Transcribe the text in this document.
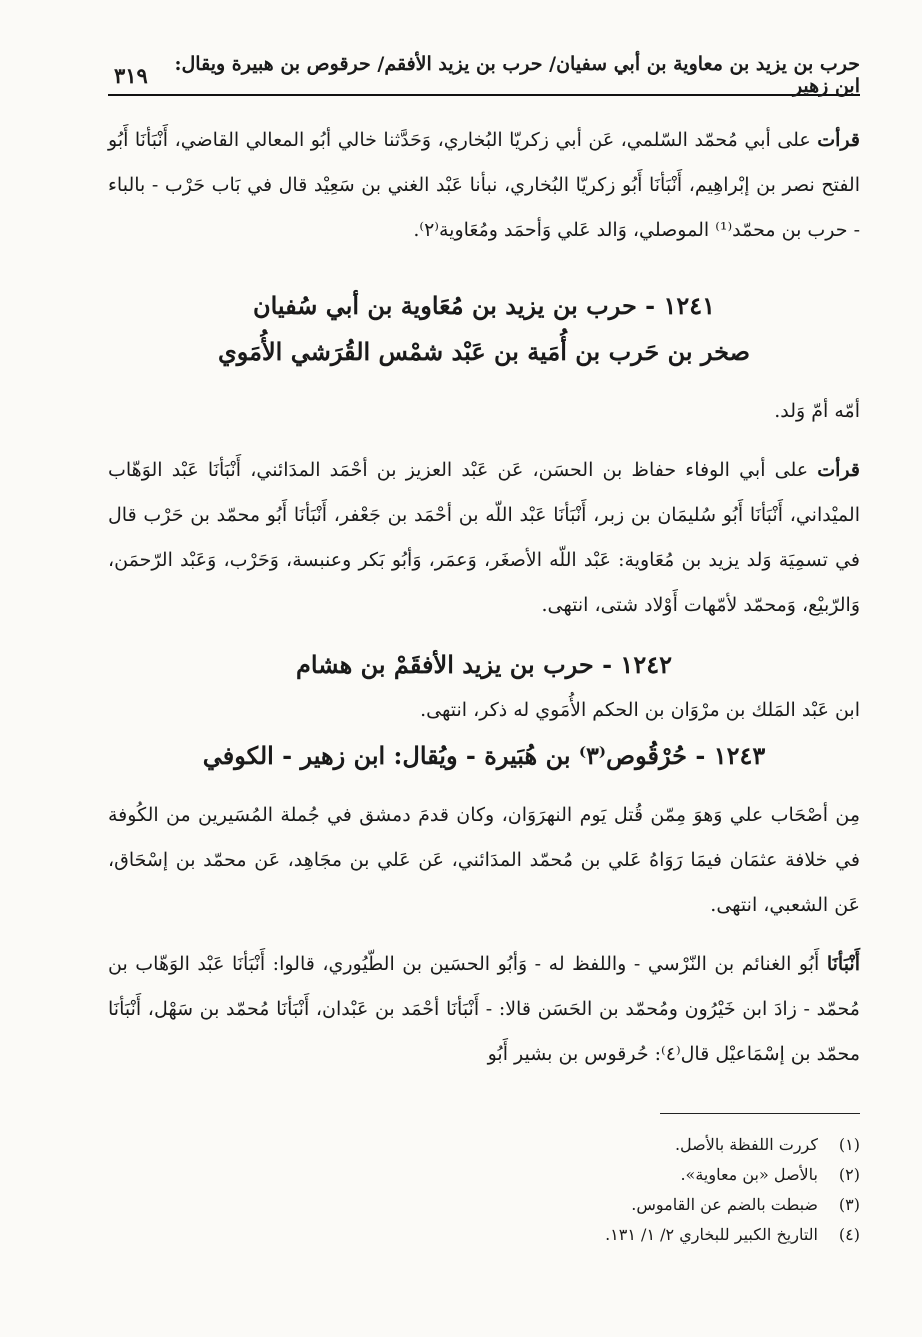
حرب بن يزيد بن معاوية بن أبي سفيان/ حرب بن يزيد الأفقم/ حرقوص بن هبيرة ويقال: ابن زهير
٣١٩

قرأت على أبي مُحمّد السّلمي، عَن أبي زكريّا البُخاري، وَحَدَّثنا خالي أبُو المعالي القاضي، أَنْبَأنَا أَبُو الفتح نصر بن إبْراهِيم، أَنْبَأنَا أَبُو زكريّا البُخاري، نبأنا عَبْد الغني بن سَعِيْد قال في بَاب حَرْب - بالباء - حرب بن محمّد⁽¹⁾ الموصلي، وَالد عَلي وَأحمَد ومُعَاوية⁽٢⁾.

١٢٤١ - حرب بن يزيد بن مُعَاوية بن أبي سُفيان
صخر بن حَرب بن أُمَية بن عَبْد شمْس القُرَشي الأُمَوي

أمّه أمّ وَلد.

قرأت على أبي الوفاء حفاظ بن الحسَن، عَن عَبْد العزيز بن أحْمَد المدَائني، أَنْبَأنَا عَبْد الوَهّاب الميْداني، أَنْبَأنَا أَبُو سُليمَان بن زبر، أَنْبَأنَا عَبْد اللّه بن أحْمَد بن جَعْفر، أَنْبَأنَا أَبُو محمّد بن حَرْب قال في تسمِيَة وَلد يزيد بن مُعَاوية: عَبْد اللّه الأصغَر، وَعمَر، وَأبُو بَكر وعنبسة، وَحَرْب، وَعَبْد الرّحمَن، وَالرّبيْع، وَمحمّد لأمّهات أَوْلاد شتى، انتهى.

١٢٤٢ - حرب بن يزيد الأفقَمْ بن هشام

ابن عَبْد المَلك بن مرْوَان بن الحكم الأُمَوي له ذكر، انتهى.

١٢٤٣ - حُرْقُوص⁽٣⁾ بن هُبَيرة - ويُقال: ابن زهير - الكوفي

مِن أصْحَاب علي وَهوَ مِمّن قُتل يَوم النهرَوَان، وكان قدمَ دمشق في جُملة المُسَيرين من الكُوفة في خلافة عثمَان فيمَا رَوَاهُ عَلي بن مُحمّد المدَائني، عَن عَلي بن مجَاهِد، عَن محمّد بن إسْحَاق، عَن الشعبي، انتهى.

أَنْبَأنَا أَبُو الغنائم بن النّرْسي - واللفظ له - وَأبُو الحسَين بن الطّيُوري، قالوا: أَنْبَأنَا عَبْد الوَهّاب بن مُحمّد - زادَ ابن خَيْرُون ومُحمّد بن الحَسَن قالا: - أَنْبَأنَا أحْمَد بن عَبْدان، أَنْبَأنَا مُحمّد بن سَهْل، أَنْبَأنَا محمّد بن إسْمَاعيْل قال⁽٤⁾: حُرقوس بن بشير أَبُو

(١)
كررت اللفظة بالأصل.
(٢)
بالأصل «بن معاوية».
(٣)
ضبطت بالضم عن القاموس.
(٤)
التاريخ الكبير للبخاري ٢/ ١/ ١٣١.
